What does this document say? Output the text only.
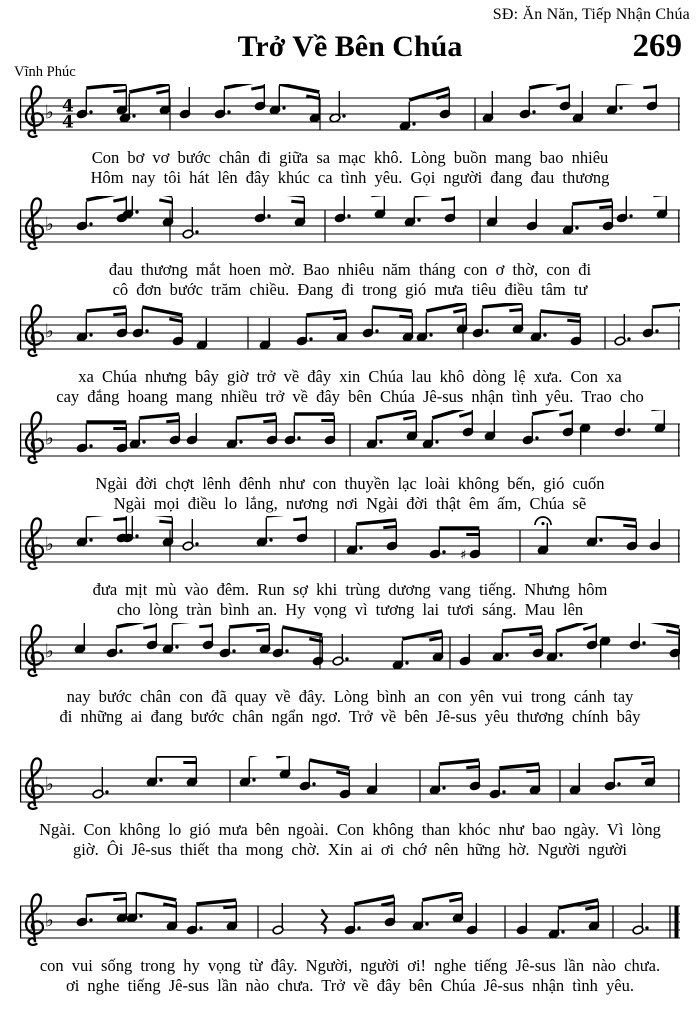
SĐ: Ăn Năn, Tiếp Nhận Chúa
Trở Về Bên Chúa	269
Vĩnh Phúc
♭ 4
4
Con bơ vơ bước chân đi giữa sa mạc khô. Lòng buồn mang bao nhiêu
Hôm nay tôi hát lên đây khúc ca tình yêu. Gọi người đang đau thương
♭
đau thương mắt hoen mờ. Bao nhiêu năm tháng con ơ thờ, con đi
cô đơn bước trăm chiều. Đang đi trong gió mưa tiêu điều tâm tư
♭
xa Chúa nhưng bây giờ trở về đây xin Chúa lau khô dòng lệ xưa. Con xa
cay đắng hoang mang nhiều trở về đây bên Chúa Jê-sus nhận tình yêu. Trao cho
♭
Ngài đời chợt lênh đênh như con thuyền lạc loài không bến, gió cuốn
Ngài mọi điều lo lắng, nương nơi Ngài đời thật êm ấm, Chúa sẽ
♭	♯
đưa mịt mù vào đêm. Run sợ khi trùng dương vang tiếng. Nhưng hôm
cho lòng tràn bình an. Hy vọng vì tương lai tươi sáng. Mau lên
♭
nay bước chân con đã quay về đây. Lòng bình an con yên vui trong cánh tay
đi những ai đang bước chân ngẩn ngơ. Trở về bên Jê-sus yêu thương chính bây
♭
Ngài. Con không lo gió mưa bên ngoài. Con không than khóc như bao ngày. Vì lòng
giờ. Ôi Jê-sus thiết tha mong chờ. Xin ai ơi chớ nên hững hờ. Người người
♭
con vui sống trong hy vọng từ đây. Người, người ơi! nghe tiếng Jê-sus lần nào chưa.
ơi nghe tiếng Jê-sus lần nào chưa. Trở về đây bên Chúa Jê-sus nhận tình yêu.
